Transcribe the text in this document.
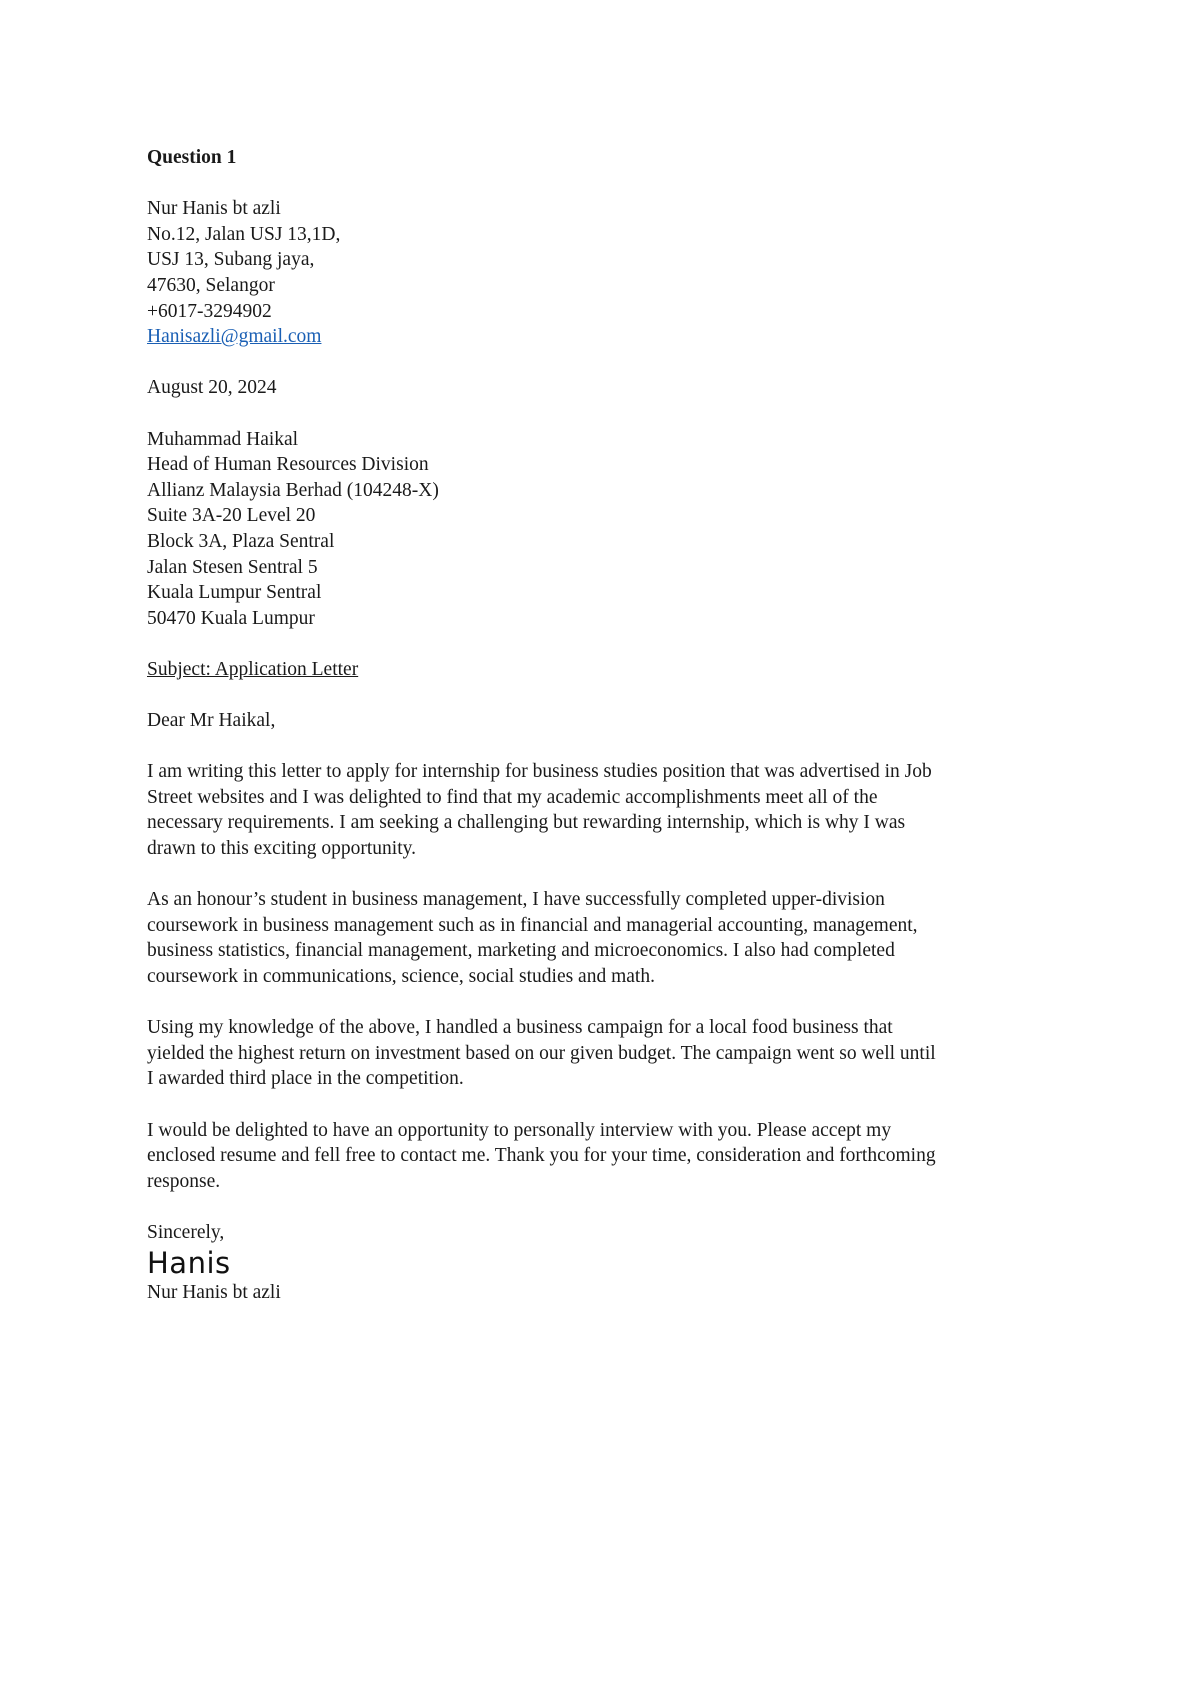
Question 1

Nur Hanis bt azli
No.12, Jalan USJ 13,1D,
USJ 13, Subang jaya,
47630, Selangor
+6017-3294902
Hanisazli@gmail.com

August 20, 2024

Muhammad Haikal
Head of Human Resources Division
Allianz Malaysia Berhad (104248-X)
Suite 3A-20 Level 20
Block 3A, Plaza Sentral
Jalan Stesen Sentral 5
Kuala Lumpur Sentral
50470 Kuala Lumpur

Subject: Application Letter

Dear Mr Haikal,

I am writing this letter to apply for internship for business studies position that was advertised in Job
Street websites and I was delighted to find that my academic accomplishments meet all of the
necessary requirements. I am seeking a challenging but rewarding internship, which is why I was
drawn to this exciting opportunity.
As an honour’s student in business management, I have successfully completed upper-division
coursework in business management such as in financial and managerial accounting, management,
business statistics, financial management, marketing and microeconomics. I also had completed
coursework in communications, science, social studies and math.
Using my knowledge of the above, I handled a business campaign for a local food business that
yielded the highest return on investment based on our given budget. The campaign went so well until
I awarded third place in the competition.
I would be delighted to have an opportunity to personally interview with you. Please accept my
enclosed resume and fell free to contact me. Thank you for your time, consideration and forthcoming
response.
Sincerely,
Hanis
Nur Hanis bt azli
